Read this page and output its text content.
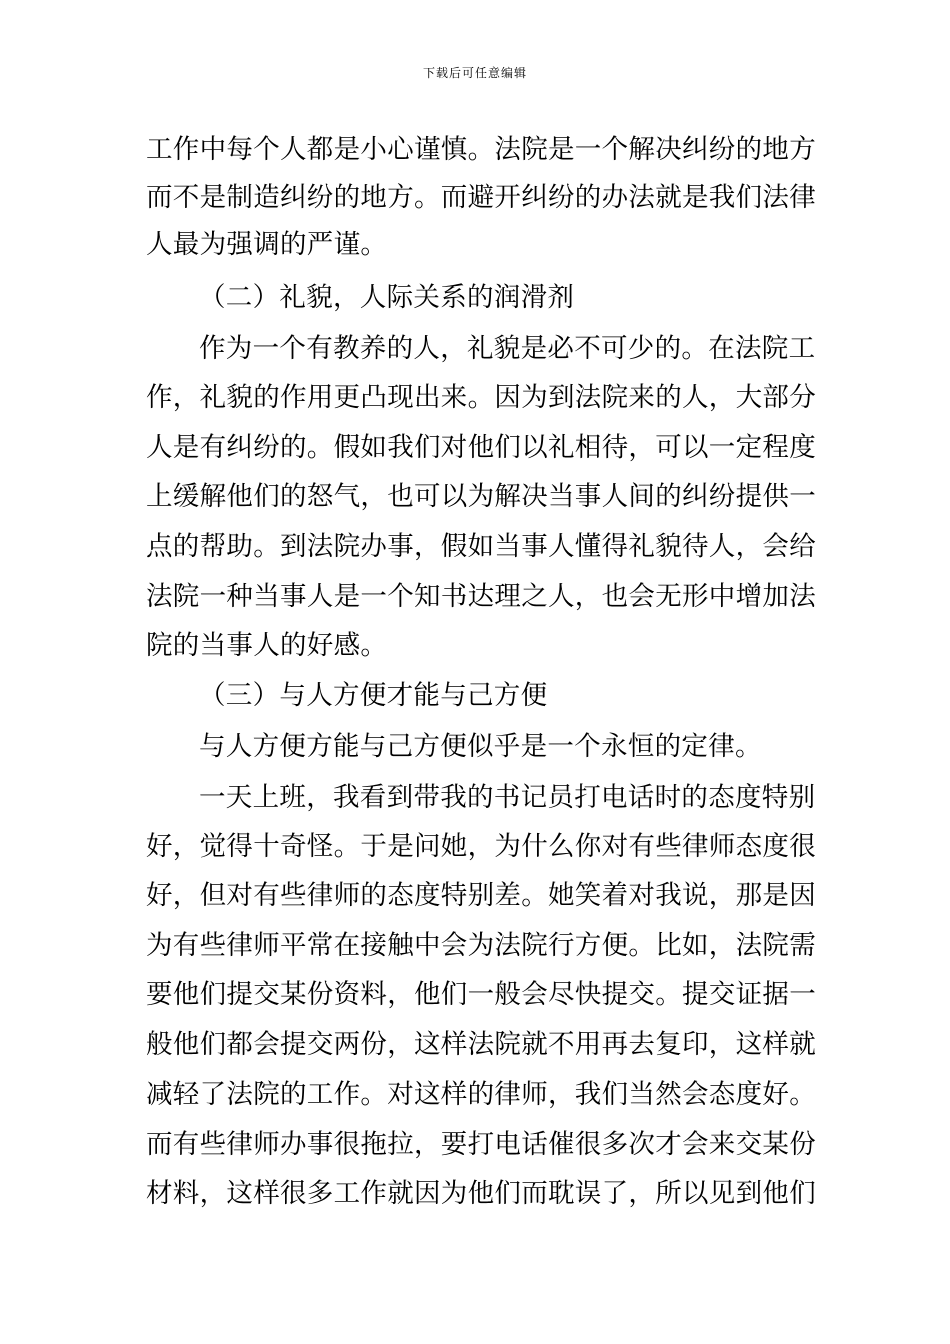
下载后可任意编辑
工作中每个人都是小心谨慎。法院是一个解决纠纷的地方
而不是制造纠纷的地方。而避开纠纷的办法就是我们法律
人最为强调的严谨。
（二）礼貌，人际关系的润滑剂
作为一个有教养的人，礼貌是必不可少的。在法院工
作，礼貌的作用更凸现出来。因为到法院来的人，大部分
人是有纠纷的。假如我们对他们以礼相待，可以一定程度
上缓解他们的怒气，也可以为解决当事人间的纠纷提供一
点的帮助。到法院办事，假如当事人懂得礼貌待人，会给
法院一种当事人是一个知书达理之人，也会无形中增加法
院的当事人的好感。
（三）与人方便才能与己方便
与人方便方能与己方便似乎是一个永恒的定律。
一天上班，我看到带我的书记员打电话时的态度特别
好，觉得十奇怪。于是问她，为什么你对有些律师态度很
好，但对有些律师的态度特别差。她笑着对我说，那是因
为有些律师平常在接触中会为法院行方便。比如，法院需
要他们提交某份资料，他们一般会尽快提交。提交证据一
般他们都会提交两份，这样法院就不用再去复印，这样就
减轻了法院的工作。对这样的律师，我们当然会态度好。
而有些律师办事很拖拉，要打电话催很多次才会来交某份
材料，这样很多工作就因为他们而耽误了，所以见到他们
